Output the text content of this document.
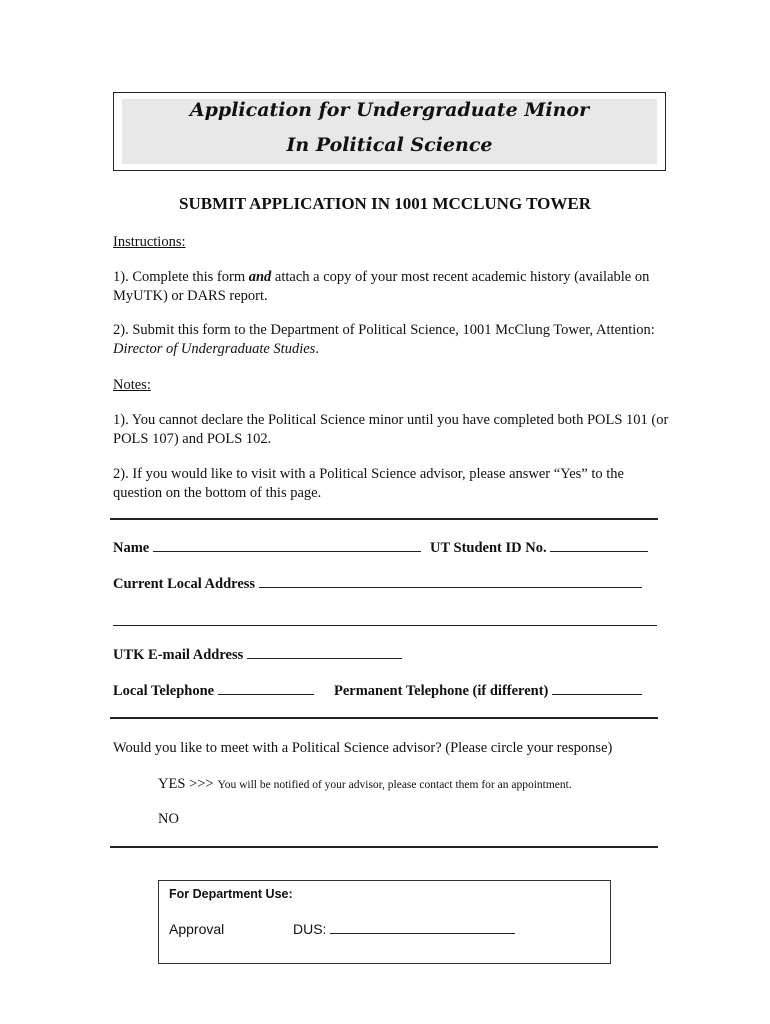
Application for Undergraduate Minor
In Political Science
SUBMIT APPLICATION IN 1001 MCCLUNG TOWER
Instructions:
1). Complete this form and attach a copy of your most recent academic history (available on MyUTK) or DARS report.
2). Submit this form to the Department of Political Science, 1001 McClung Tower, Attention: Director of Undergraduate Studies.
Notes:
1). You cannot declare the Political Science minor until you have completed both POLS 101 (or POLS 107) and POLS 102.
2). If you would like to visit with a Political Science advisor, please answer “Yes” to the question on the bottom of this page.
Name	UT Student ID No.
Current Local Address
UTK E-mail Address
Local Telephone	Permanent Telephone (if different)
Would you like to meet with a Political Science advisor? (Please circle your response)
YES >>> You will be notified of your advisor, please contact them for an appointment.
NO
For Department Use:
Approval	DUS:
